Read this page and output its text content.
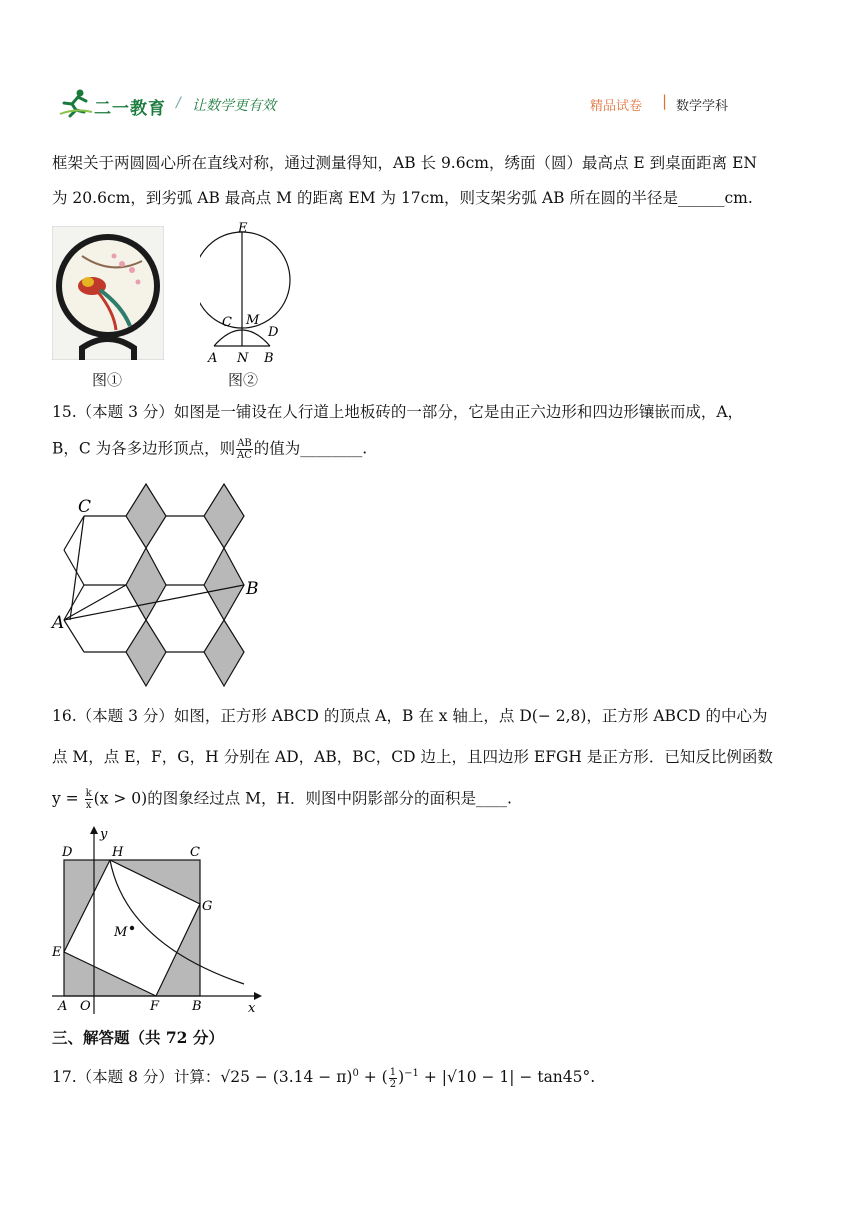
二一教育 / 让数学更有效	精品试卷 | 数学学科
框架关于两圆圆心所在直线对称，通过测量得知，AB 长 9.6cm，绣面（圆）最高点 E 到桌面距离 EN
为 20.6cm，到劣弧 AB 最高点 M 的距离 EM 为 17cm，则支架劣弧 AB 所在圆的半径是______cm.
图①
E
C M
D
A N B
图②
15.（本题 3 分）如图是一铺设在人行道上地板砖的一部分，它是由正六边形和四边形镶嵌而成，A，
B，C 为各多边形顶点，则 $\frac{AB}{AC}$ 的值为________.
C
B
A
16.（本题 3 分）如图，正方形 ABCD 的顶点 A，B 在 x 轴上，点 D(− 2,8)，正方形 ABCD 的中心为
点 M，点 E，F，G，H 分别在 AD，AB，BC，CD 边上，且四边形 EFGH 是正方形．已知反比例函数
$y = \frac{k}{x} (x > 0)$的图象经过点 M，H．则图中阴影部分的面积是____.
y
D	H	C
G
M
E
A O	F	B	x
三、解答题（共 72 分）
17.（本题 8 分）计算：$√25 - (3.14 - \pi)^0$ + ( $\frac{1}{2} )^{-1} + |√10 - 1| - \tan 45^\circ$.
